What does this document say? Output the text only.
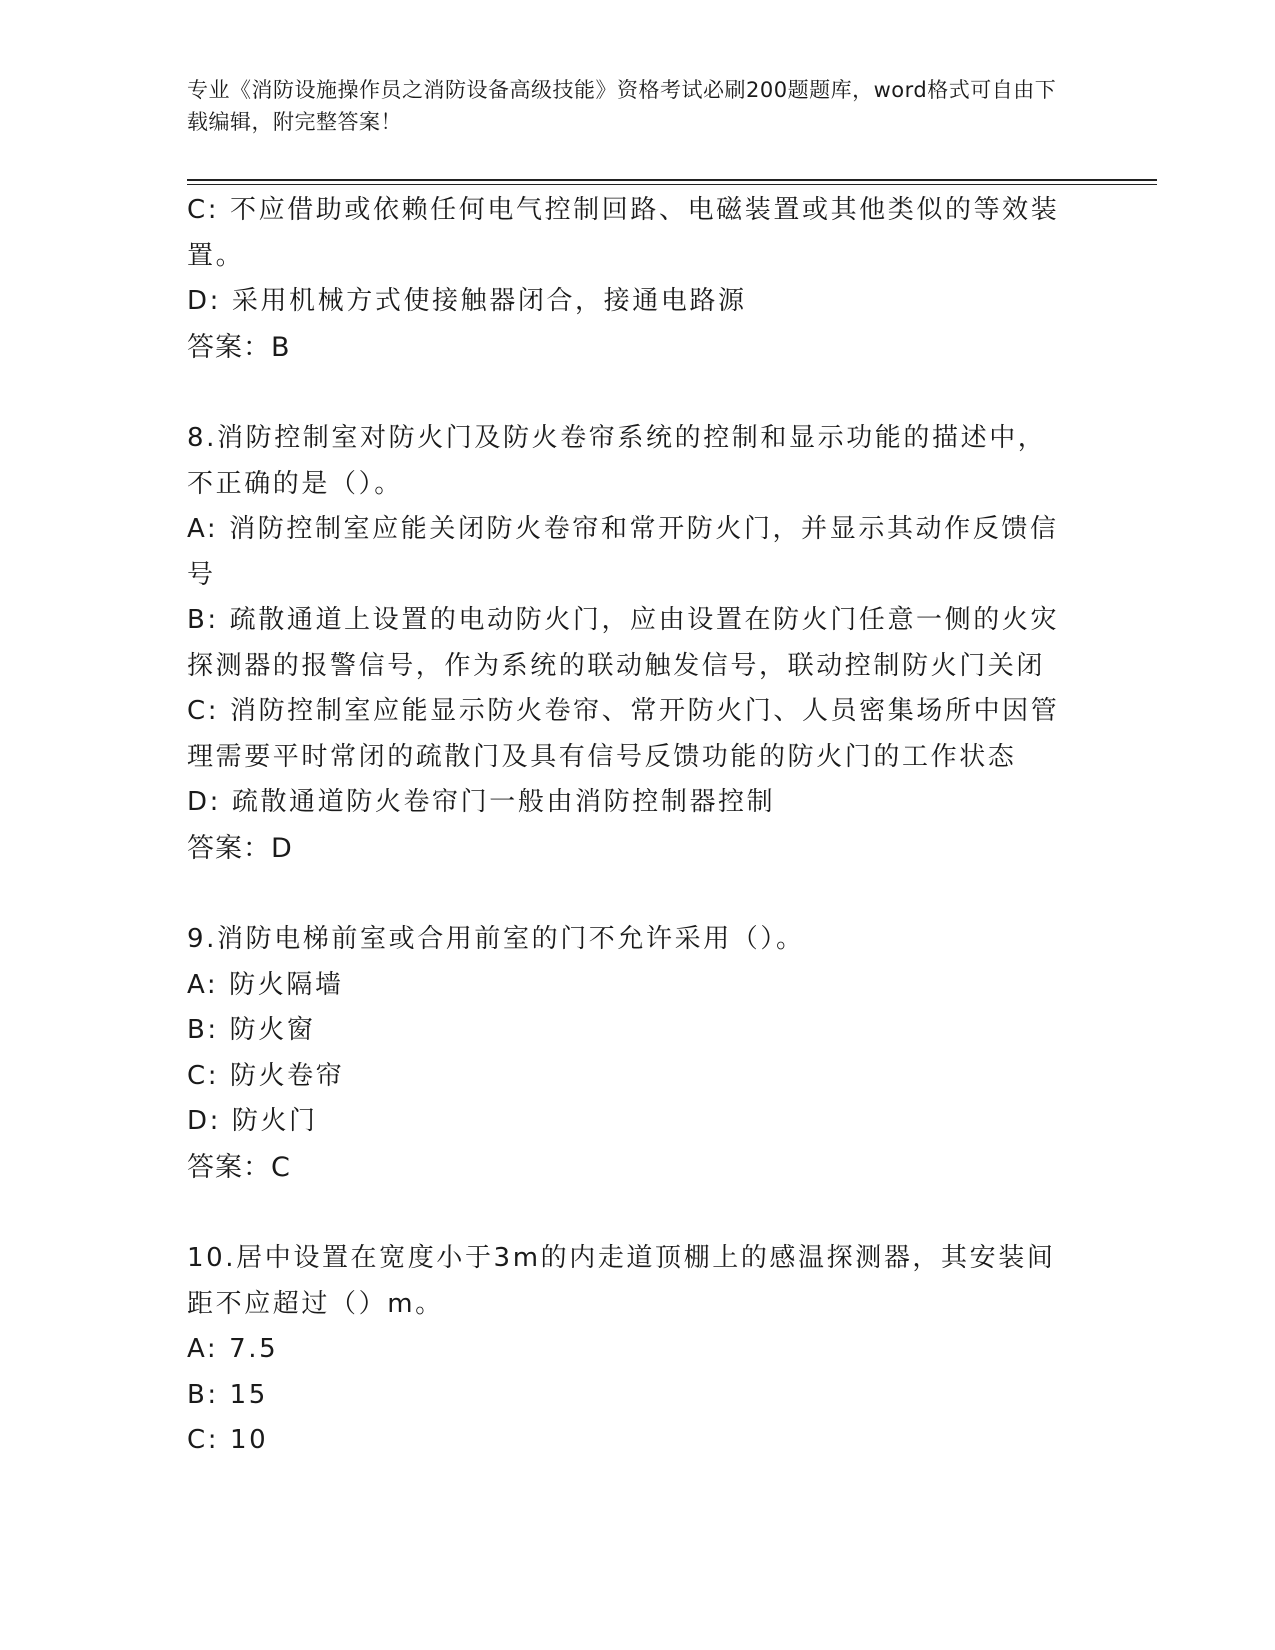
专业《消防设施操作员之消防设备高级技能》资格考试必刷200题题库，word格式可自由下载编辑，附完整答案！

C: 不应借助或依赖任何电气控制回路、电磁装置或其他类似的等效装

置。

D: 采用机械方式使接触器闭合，接通电路源

答案：B

8.消防控制室对防火门及防火卷帘系统的控制和显示功能的描述中，

不正确的是（）。

A: 消防控制室应能关闭防火卷帘和常开防火门，并显示其动作反馈信

号

B: 疏散通道上设置的电动防火门，应由设置在防火门任意一侧的火灾

探测器的报警信号，作为系统的联动触发信号，联动控制防火门关闭

C: 消防控制室应能显示防火卷帘、常开防火门、人员密集场所中因管

理需要平时常闭的疏散门及具有信号反馈功能的防火门的工作状态

D: 疏散通道防火卷帘门一般由消防控制器控制

答案：D

9.消防电梯前室或合用前室的门不允许采用（）。

A: 防火隔墙

B: 防火窗

C: 防火卷帘

D: 防火门

答案：C

10.居中设置在宽度小于3m的内走道顶棚上的感温探测器，其安装间

距不应超过（）m。

A: 7.5

B: 15

C: 10
